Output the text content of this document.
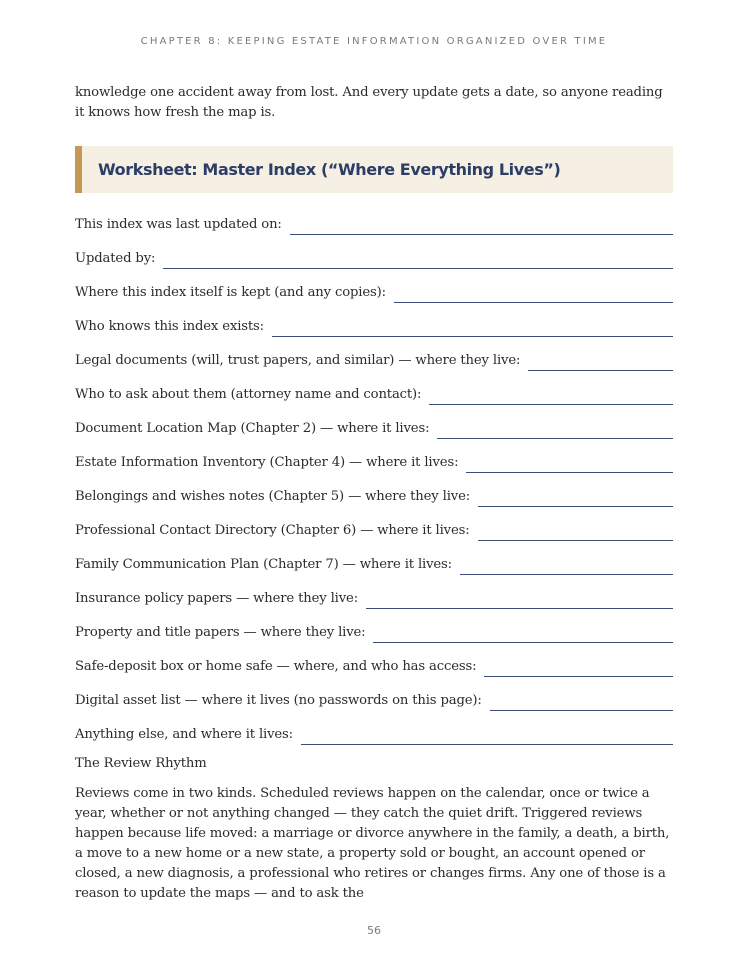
CHAPTER 8: KEEPING ESTATE INFORMATION ORGANIZED OVER TIME

knowledge one accident away from lost. And every update gets a date, so anyone reading it knows how fresh the map is.

Worksheet: Master Index (“Where Everything Lives”)
This index was last updated on:
Updated by:
Where this index itself is kept (and any copies):
Who knows this index exists:
Legal documents (will, trust papers, and similar) — where they live:
Who to ask about them (attorney name and contact):
Document Location Map (Chapter 2) — where it lives:
Estate Information Inventory (Chapter 4) — where it lives:
Belongings and wishes notes (Chapter 5) — where they live:
Professional Contact Directory (Chapter 6) — where it lives:
Family Communication Plan (Chapter 7) — where it lives:
Insurance policy papers — where they live:
Property and title papers — where they live:
Safe-deposit box or home safe — where, and who has access:
Digital asset list — where it lives (no passwords on this page):
Anything else, and where it lives:
The Review Rhythm

Reviews come in two kinds. Scheduled reviews happen on the calendar, once or twice a year, whether or not anything changed — they catch the quiet drift. Triggered reviews happen because life moved: a marriage or divorce anywhere in the family, a death, a birth, a move to a new home or a new state, a property sold or bought, an account opened or closed, a new diagnosis, a professional who retires or changes firms. Any one of those is a reason to update the maps — and to ask the

56
